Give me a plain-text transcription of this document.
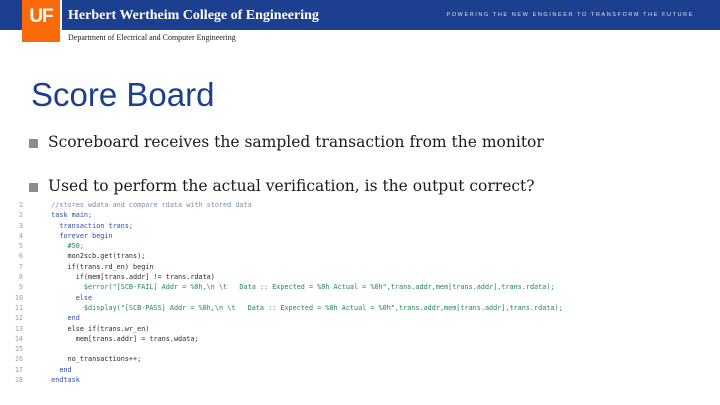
UF	Herbert Wertheim College of Engineering	POWERING THE NEW ENGINEER TO TRANSFORM THE FUTURE
Department of Electrical and Computer Engineering
Score Board
Scoreboard receives the sampled transaction from the monitor
Used to perform the actual verification, is the output correct?
1	//stores wdata and compare rdata with stored data
2	task main;
3	transaction trans;
4	forever begin
5	#50;
6	mon2scb.get(trans);
7	if(trans.rd_en) begin
8	if(mem[trans.addr] != trans.rdata)
9	$error("[SCB-FAIL] Addr = %0h,\n \t   Data :: Expected = %0h Actual = %0h",trans.addr,mem[trans.addr],trans.rdata);
10	else
11	$display("[SCB-PASS] Addr = %0h,\n \t   Data :: Expected = %0h Actual = %0h",trans.addr,mem[trans.addr],trans.rdata);
12	end
13	else if(trans.wr_en)
14	mem[trans.addr] = trans.wdata;
15
16	no_transactions++;
17	end
18	endtask
